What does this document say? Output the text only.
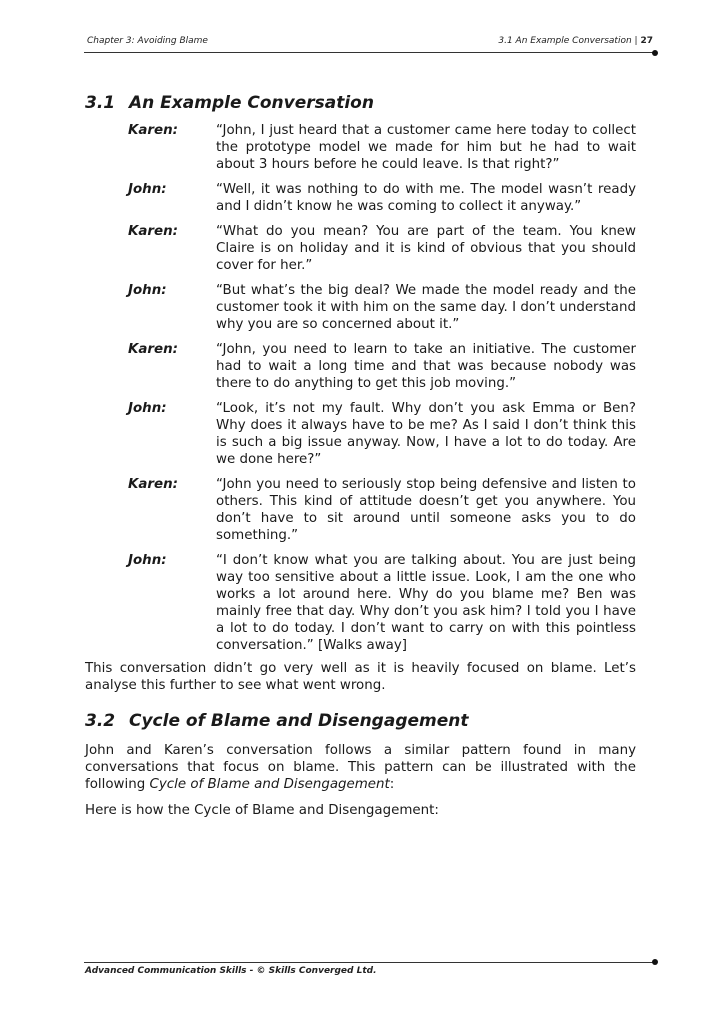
Chapter 3: Avoiding Blame	3.1 An Example Conversation | 27
3.1 An Example Conversation
Karen:	“John, I just heard that a customer came here today to collect the prototype model we made for him but he had to wait about 3 hours before he could leave. Is that right?”
John:	“Well, it was nothing to do with me. The model wasn’t ready and I didn’t know he was coming to collect it anyway.”
Karen:	“What do you mean? You are part of the team. You knew Claire is on holiday and it is kind of obvious that you should cover for her.”
John:	“But what’s the big deal? We made the model ready and the customer took it with him on the same day. I don’t understand why you are so concerned about it.”
Karen:	“John, you need to learn to take an initiative. The customer had to wait a long time and that was because nobody was there to do anything to get this job moving.”
John:	“Look, it’s not my fault. Why don’t you ask Emma or Ben? Why does it always have to be me? As I said I don’t think this is such a big issue anyway. Now, I have a lot to do today. Are we done here?”
Karen:	“John you need to seriously stop being defensive and listen to others. This kind of attitude doesn’t get you anywhere. You don’t have to sit around until someone asks you to do something.”
John:	“I don’t know what you are talking about. You are just being way too sensitive about a little issue. Look, I am the one who works a lot around here. Why do you blame me? Ben was mainly free that day. Why don’t you ask him? I told you I have a lot to do today. I don’t want to carry on with this pointless conversation.” [Walks away]
This conversation didn’t go very well as it is heavily focused on blame. Let’s analyse this further to see what went wrong.
3.2 Cycle of Blame and Disengagement
John and Karen’s conversation follows a similar pattern found in many conversations that focus on blame. This pattern can be illustrated with the following Cycle of Blame and Disengagement:
Here is how the Cycle of Blame and Disengagement:
Advanced Communication Skills - © Skills Converged Ltd.
